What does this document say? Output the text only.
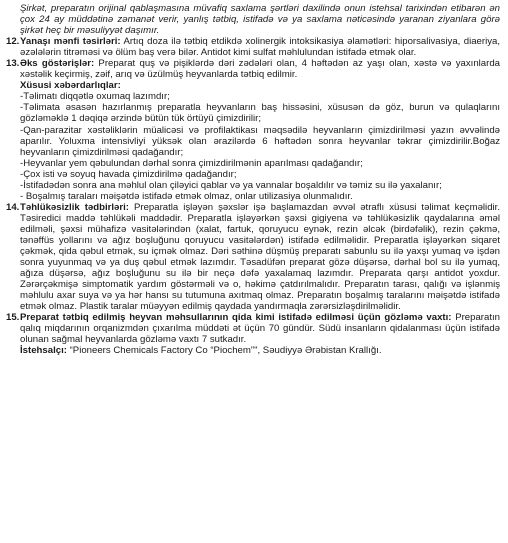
Şirkət, preparatın orijinal qablaşmasına müvafiq saxlama şərtləri daxilində onun istehsal tarixindən etibarən ən çox 24 ay müddətinə zəmanət verir, yanlış tətbiq, istifadə və ya saxlama nəticəsində yaranan ziyanlara görə şirkət heç bir məsuliyyət daşımır.

12. Yanaşı mənfi təsirləri: Artıq doza ilə tətbiq etdikdə xolinergik intoksikasiya əlamətləri: hiporsalivasiya, diaeriya, əzələlərin titrəməsi və ölüm baş verə bilər. Antidot kimi sulfat məhlulundan istifadə etmək olar.

13. Əks göstərişlər: Preparat quş və pişiklərdə dəri zədələri olan, 4 həftədən az yaşı olan, xəstə və yaxınlarda xəstəlik keçirmiş, zəif, arıq və üzülmüş heyvanlarda tətbiq edilmir.

Xüsusi xəbərdarlıqlar:

-Təlimatı diqqətlə oxumaq lazımdır;

-Təlimata əsasən hazırlanmış preparatla heyvanların baş hissəsini, xüsusən də göz, burun və qulaqlarını gözləməklə 1 dəqiqə ərzində bütün tük örtüyü çimizdirilir;

-Qan-parazitar xəstəliklərin müalicəsi və profilaktikası məqsədilə heyvanların çimizdirilməsi yazın əvvəlində aparılır. Yoluxma intensivliyi yüksək olan ərazilərdə 6 həftədən sonra heyvanlar təkrar çimizdirilir.Boğaz heyvanların çimizdirilməsi qadağandır;

-Heyvanlar yem qəbulundan dərhal sonra çimizdirilmənin aparılması qadağandır;

-Çox isti və soyuq havada çimizdirilmə qadağandır;

-İstifadədən sonra ana məhlul olan çiləyici qablar və ya vannalar boşaldılır və təmiz su ilə yaxalanır;

- Boşalmış taraları məişətdə istifadə etmək olmaz, onlar utilizasiya olunmalıdır.

14. Təhlükəsizlik tədbirləri: Preparatla işləyən şəxslər işə başlamazdan əvvəl ətraflı xüsusi təlimat keçməlidir. Təsiredici maddə təhlükəli maddədir. Preparatla işləyərkən şəxsi gigiyena və təhlükəsizlik qaydalarına əməl edilməli, şəxsi mühafizə vasitələrindən (xalat, fartuk, qoruyucu eynək, rezin əlcək (birdəfəlik), rezin çəkmə, tənəffüs yollarını və ağız boşluğunu qoruyucu vasitələrdən) istifadə edilməlidir. Preparatla işləyərkən siqaret çəkmək, qida qəbul etmək, su içmək olmaz. Dəri səthinə düşmüş preparatı sabunlu su ilə yaxşı yumaq və işdən sonra yuyunmaq və ya duş qəbul etmək lazımdır. Təsadüfən preparat gözə düşərsə, dərhal bol su ilə yumaq, ağıza düşərsə, ağız boşluğunu su ilə bir neçə dəfə yaxalamaq lazımdır. Preparata qarşı antidot yoxdur. Zərərçəkmişə simptomatik yardım göstərməli və o, həkimə çatdırılmalıdır. Preparatın tarası, qalığı və işlənmiş məhlulu axar suya və ya hər hansı su tutumuna axıtmaq olmaz. Preparatın boşalmış taralarını məişətdə istifadə etmək olmaz. Plastik taralar müəyyən edilmiş qaydada yandırmaqla zərərsizləşdirilməlidir.

15. Preparat tətbiq edilmiş heyvan məhsullarının qida kimi istifadə edilməsi üçün gözləmə vaxtı: Preparatın qalıq miqdarının orqanizmdən çıxarılma müddəti ət üçün 70 gündür. Südü insanların qidalanması üçün istifadə olunan sağmal heyvanlarda gözləmə vaxtı 7 sutkadır.

İstehsalçı: “Pioneers Chemicals Factory Co “Piochem”", Səudiyyə Ərəbistan Krallığı.
